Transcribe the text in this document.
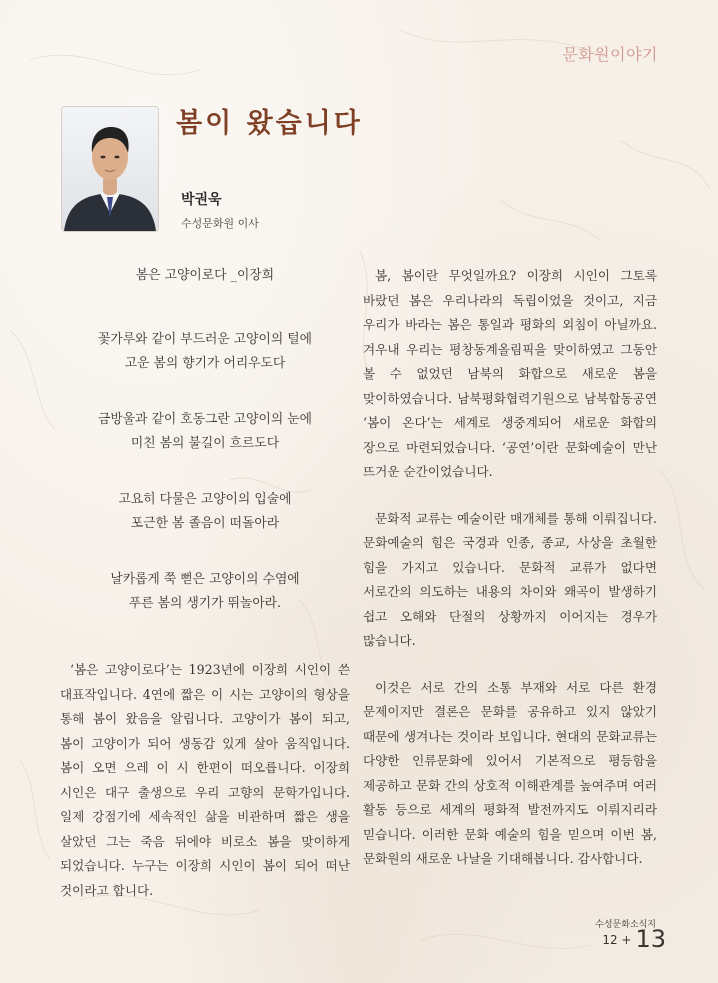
문화원이야기
봄이 왔습니다
박권욱
수성문화원 이사
봄은 고양이로다 _이장희
꽃가루와 같이 부드러운 고양이의 털에
고운 봄의 향기가 어리우도다
금방울과 같이 호동그란 고양이의 눈에
미친 봄의 불길이 흐르도다
고요히 다물은 고양이의 입술에
포근한 봄 졸음이 떠돌아라
날카롭게 쭉 뻗은 고양이의 수염에
푸른 봄의 생기가 뛰놀아라.

‘봄은 고양이로다’는 1923년에 이장희 시인이 쓴 대표작입니다. 4연에 짧은 이 시는 고양이의 형상을 통해 봄이 왔음을 알립니다. 고양이가 봄이 되고, 봄이 고양이가 되어 생동감 있게 살아 움직입니다. 봄이 오면 으레 이 시 한편이 떠오릅니다. 이장희 시인은 대구 출생으로 우리 고향의 문학가입니다. 일제 강점기에 세속적인 삶을 비관하며 짧은 생을 살았던 그는 죽음 뒤에야 비로소 봄을 맞이하게 되었습니다. 누구는 이장희 시인이 봄이 되어 떠난 것이라고 합니다.

봄, 봄이란 무엇일까요? 이장희 시인이 그토록 바랐던 봄은 우리나라의 독립이었을 것이고, 지금 우리가 바라는 봄은 통일과 평화의 외침이 아닐까요. 겨우내 우리는 평창동계올림픽을 맞이하였고 그동안 볼 수 없었던 남북의 화합으로 새로운 봄을 맞이하였습니다. 남북평화협력기원으로 남북합동공연 ‘봄이 온다’는 세계로 생중계되어 새로운 화합의 장으로 마련되었습니다. ‘공연’이란 문화예술이 만난 뜨거운 순간이었습니다.

문화적 교류는 예술이란 매개체를 통해 이뤄집니다. 문화예술의 힘은 국경과 인종, 종교, 사상을 초월한 힘을 가지고 있습니다. 문화적 교류가 없다면 서로간의 의도하는 내용의 차이와 왜곡이 발생하기 쉽고 오해와 단절의 상황까지 이어지는 경우가 많습니다.

이것은 서로 간의 소통 부재와 서로 다른 환경 문제이지만 결론은 문화를 공유하고 있지 않았기 때문에 생겨나는 것이라 보입니다. 현대의 문화교류는 다양한 인류문화에 있어서 기본적으로 평등함을 제공하고 문화 간의 상호적 이해관계를 높여주며 여러 활동 등으로 세계의 평화적 발전까지도 이뤄지리라 믿습니다. 이러한 문화 예술의 힘을 믿으며 이번 봄, 문화원의 새로운 나날을 기대해봅니다. 감사합니다.

수성문화소식지
12 + 13
